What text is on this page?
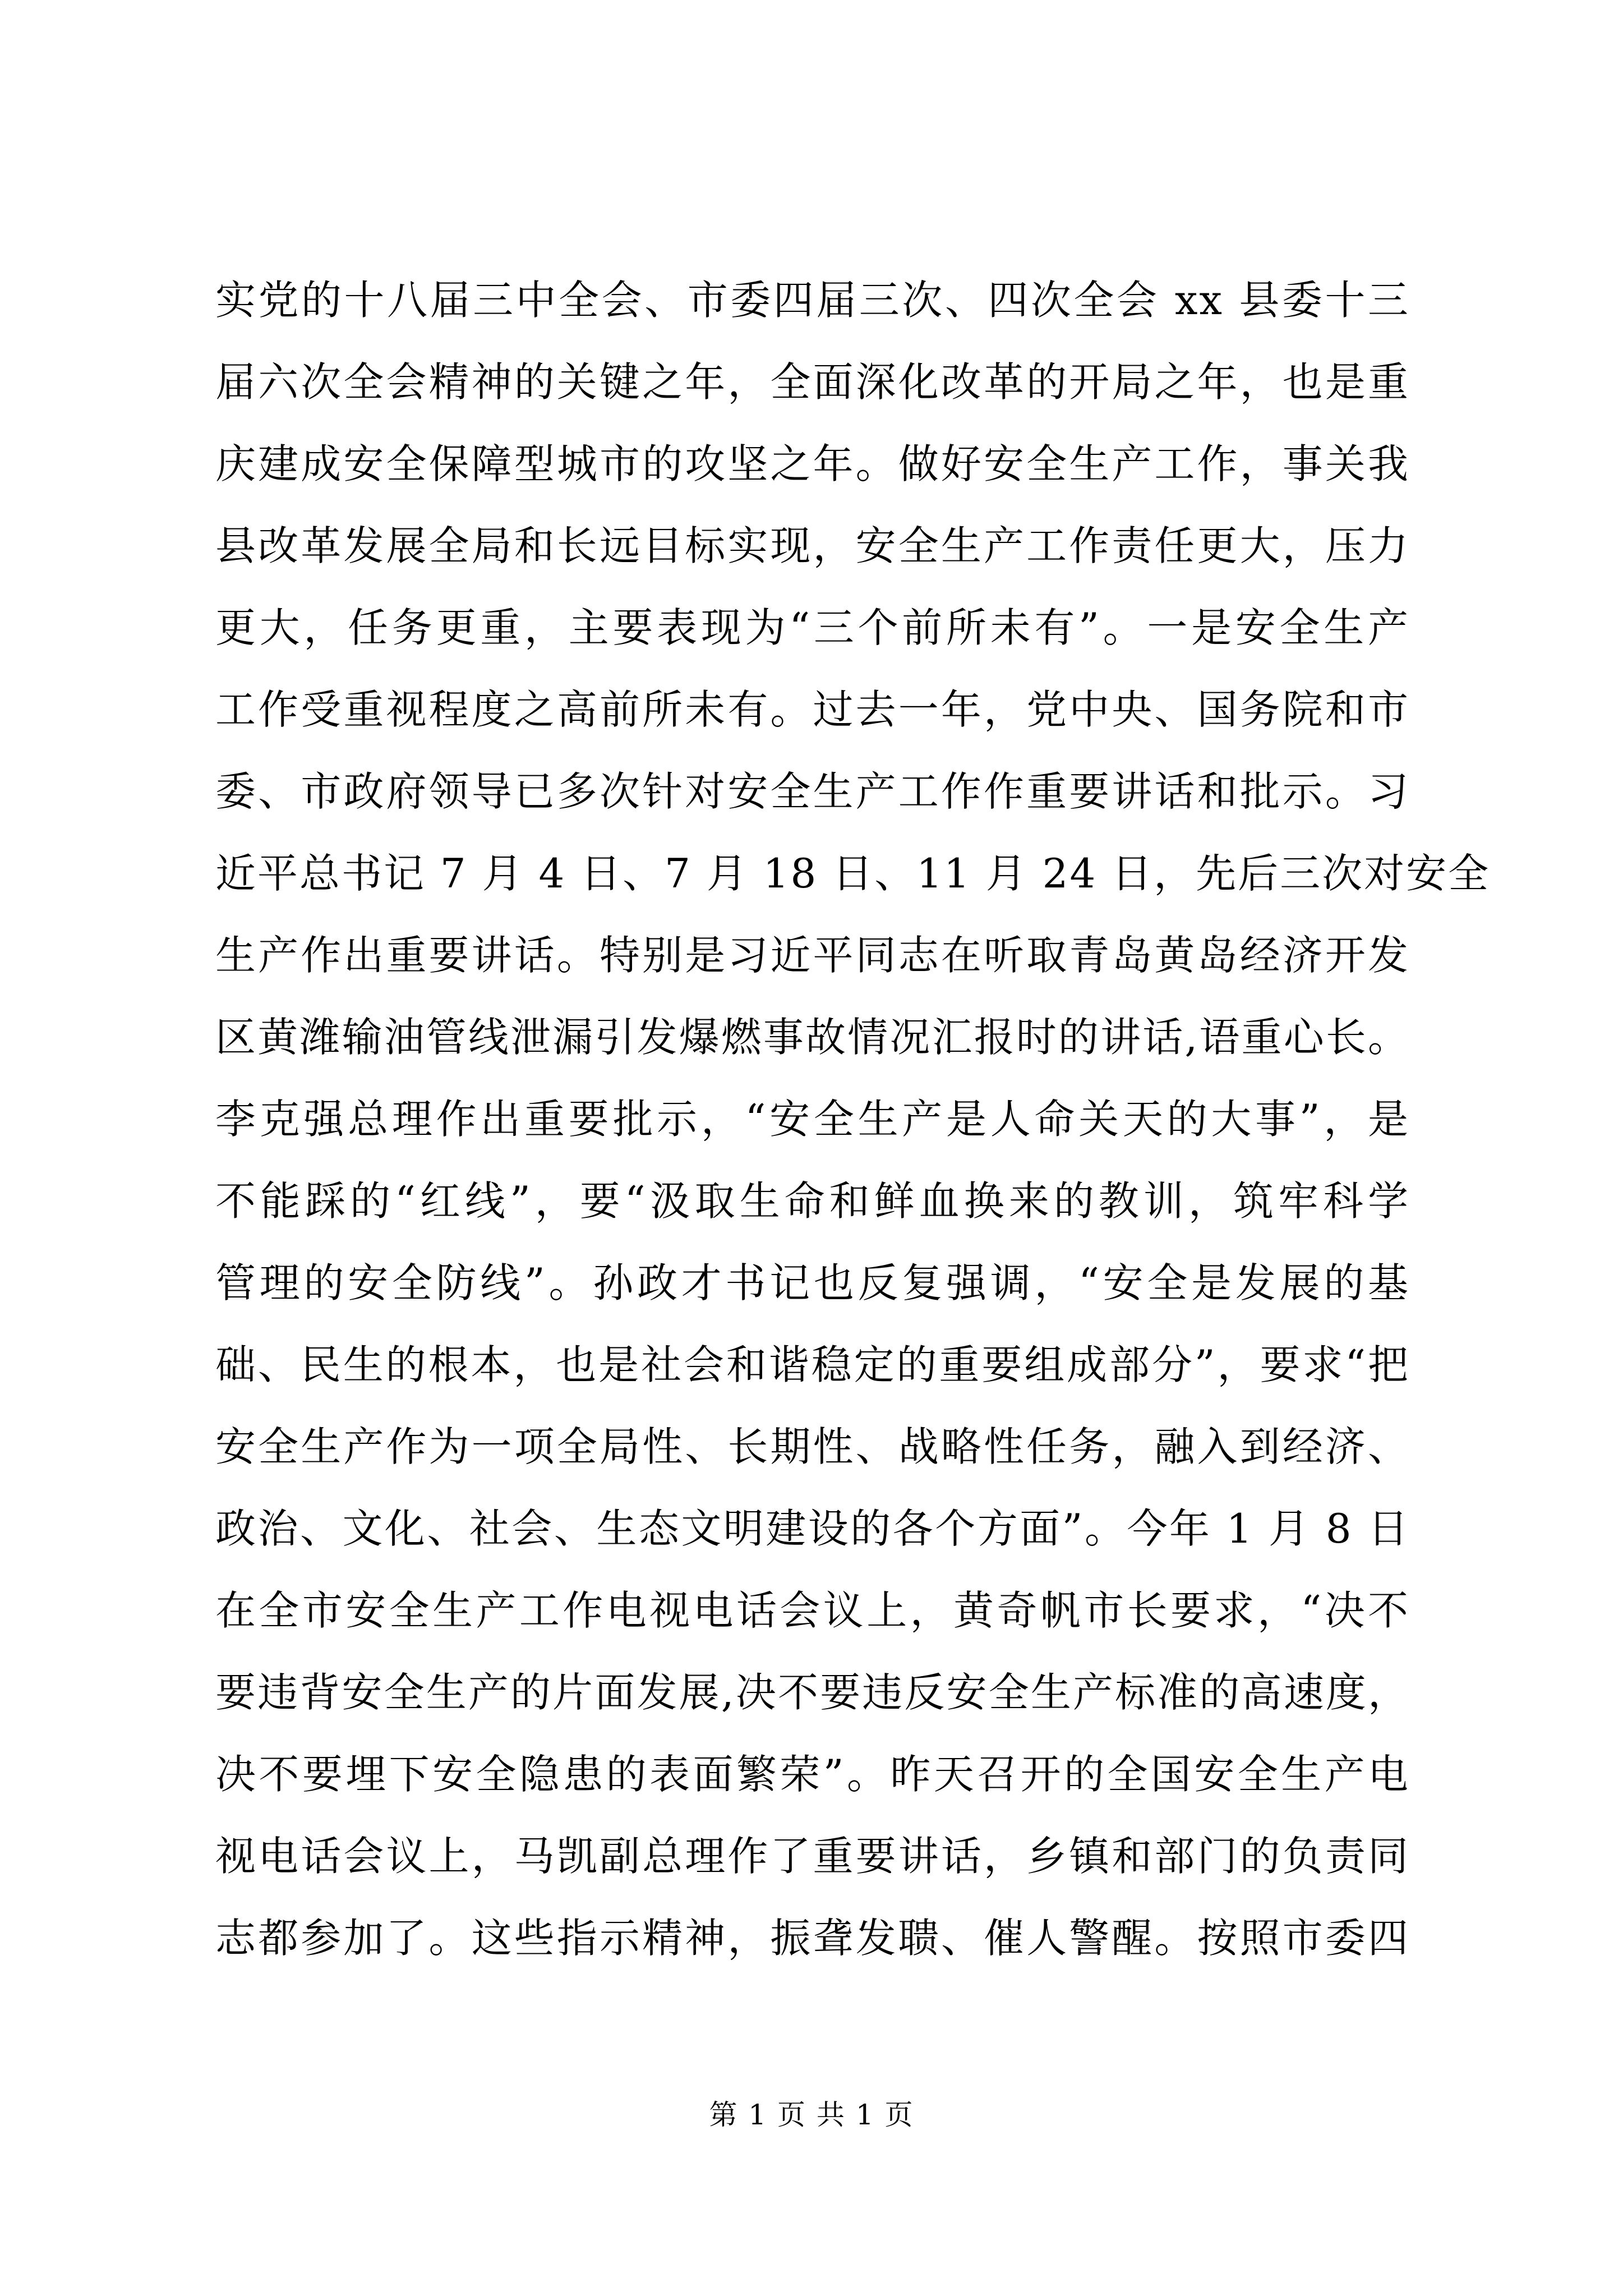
实党的十八届三中全会、市委四届三次、四次全会 xx 县委十三
届六次全会精神的关键之年，全面深化改革的开局之年，也是重
庆建成安全保障型城市的攻坚之年。做好安全生产工作，事关我
县改革发展全局和长远目标实现，安全生产工作责任更大，压力
更大，任务更重，主要表现为“三个前所未有”。一是安全生产
工作受重视程度之高前所未有。过去一年，党中央、国务院和市
委、市政府领导已多次针对安全生产工作作重要讲话和批示。习
近平总书记 7 月 4 日、7 月 18 日、11 月 24 日，先后三次对安全
生产作出重要讲话。特别是习近平同志在听取青岛黄岛经济开发
区黄潍输油管线泄漏引发爆燃事故情况汇报时的讲话,语重心长。
李克强总理作出重要批示，“安全生产是人命关天的大事”，是
不能踩的“红线”，要“汲取生命和鲜血换来的教训，筑牢科学
管理的安全防线”。孙政才书记也反复强调，“安全是发展的基
础、民生的根本，也是社会和谐稳定的重要组成部分”，要求“把
安全生产作为一项全局性、长期性、战略性任务，融入到经济、
政治、文化、社会、生态文明建设的各个方面”。今年 1 月 8 日
在全市安全生产工作电视电话会议上，黄奇帆市长要求，“决不
要违背安全生产的片面发展,决不要违反安全生产标准的高速度，
决不要埋下安全隐患的表面繁荣”。昨天召开的全国安全生产电
视电话会议上，马凯副总理作了重要讲话，乡镇和部门的负责同
志都参加了。这些指示精神，振聋发聩、催人警醒。按照市委四
第 1 页 共 1 页
